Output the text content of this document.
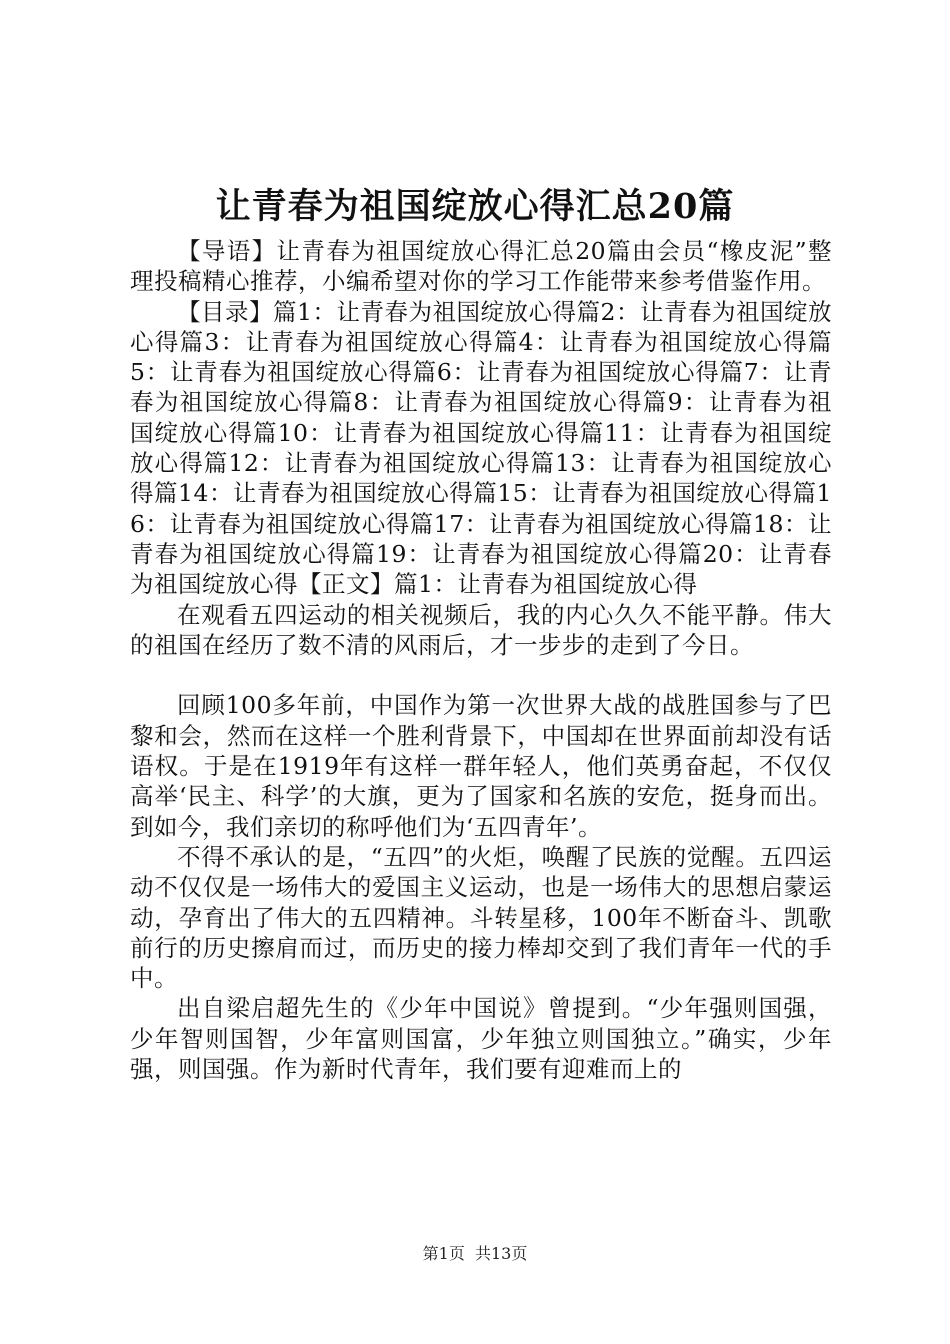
让青春为祖国绽放心得汇总20篇

【导语】让青春为祖国绽放心得汇总20篇由会员“橡皮泥”整理投稿精心推荐，小编希望对你的学习工作能带来参考借鉴作用。

【目录】篇1：让青春为祖国绽放心得篇2：让青春为祖国绽放心得篇3：让青春为祖国绽放心得篇4：让青春为祖国绽放心得篇5：让青春为祖国绽放心得篇6：让青春为祖国绽放心得篇7：让青春为祖国绽放心得篇8：让青春为祖国绽放心得篇9：让青春为祖国绽放心得篇10：让青春为祖国绽放心得篇11：让青春为祖国绽放心得篇12：让青春为祖国绽放心得篇13：让青春为祖国绽放心得篇14：让青春为祖国绽放心得篇15：让青春为祖国绽放心得篇16：让青春为祖国绽放心得篇17：让青春为祖国绽放心得篇18：让青春为祖国绽放心得篇19：让青春为祖国绽放心得篇20：让青春为祖国绽放心得【正文】篇1：让青春为祖国绽放心得

在观看五四运动的相关视频后，我的内心久久不能平静。伟大的祖国在经历了数不清的风雨后，才一步步的走到了今日。

回顾100多年前，中国作为第一次世界大战的战胜国参与了巴黎和会，然而在这样一个胜利背景下，中国却在世界面前却没有话语权。于是在1919年有这样一群年轻人，他们英勇奋起，不仅仅高举‘民主、科学’的大旗，更为了国家和名族的安危，挺身而出。到如今，我们亲切的称呼他们为‘五四青年’。

不得不承认的是，“五四”的火炬，唤醒了民族的觉醒。五四运动不仅仅是一场伟大的爱国主义运动，也是一场伟大的思想启蒙运动，孕育出了伟大的五四精神。斗转星移，100年不断奋斗、凯歌前行的历史擦肩而过，而历史的接力棒却交到了我们青年一代的手中。

出自梁启超先生的《少年中国说》曾提到。“少年强则国强，少年智则国智，少年富则国富，少年独立则国独立。”确实，少年强，则国强。作为新时代青年，我们要有迎难而上的

第1页  共13页
